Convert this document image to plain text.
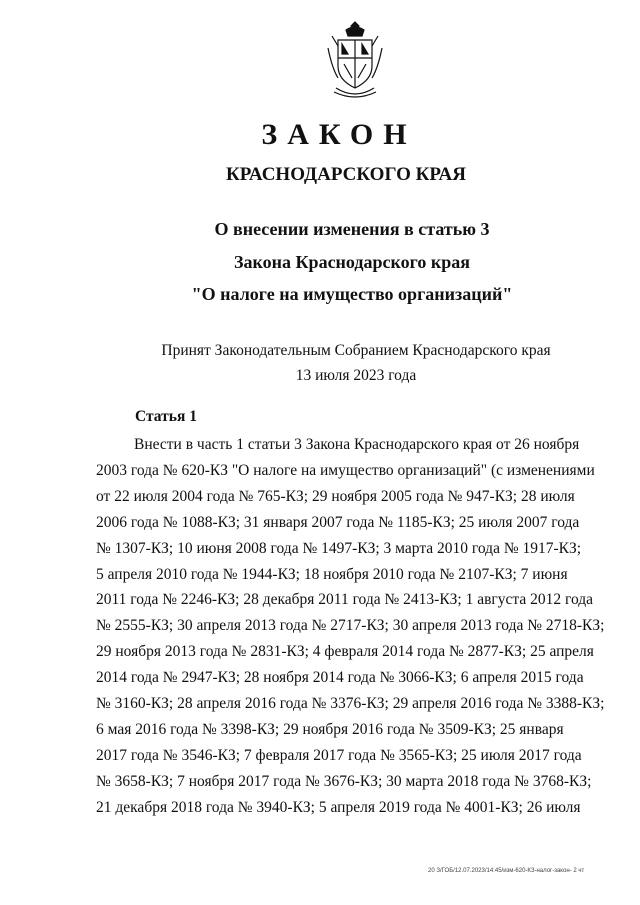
ЗАКОН
КРАСНОДАРСКОГО КРАЯ
О внесении изменения в статью 3
Закона Краснодарского края
"О налоге на имущество организаций"
Принят Законодательным Собранием Краснодарского края
13 июля 2023 года
Статья 1
Внести в часть 1 статьи 3 Закона Краснодарского края от 26 ноября
2003 года № 620-КЗ "О налоге на имущество организаций" (с изменениями
от 22 июля 2004 года № 765-КЗ; 29 ноября 2005 года № 947-КЗ; 28 июля
2006 года № 1088-КЗ; 31 января 2007 года № 1185-КЗ; 25 июля 2007 года
№ 1307-КЗ; 10 июня 2008 года № 1497-КЗ; 3 марта 2010 года № 1917-КЗ;
5 апреля 2010 года № 1944-КЗ; 18 ноября 2010 года № 2107-КЗ; 7 июня
2011 года № 2246-КЗ; 28 декабря 2011 года № 2413-КЗ; 1 августа 2012 года
№ 2555-КЗ; 30 апреля 2013 года № 2717-КЗ; 30 апреля 2013 года № 2718-КЗ;
29 ноября 2013 года № 2831-КЗ; 4 февраля 2014 года № 2877-КЗ; 25 апреля
2014 года № 2947-КЗ; 28 ноября 2014 года № 3066-КЗ; 6 апреля 2015 года
№ 3160-КЗ; 28 апреля 2016 года № 3376-КЗ; 29 апреля 2016 года № 3388-КЗ;
6 мая 2016 года № 3398-КЗ; 29 ноября 2016 года № 3509-КЗ; 25 января
2017 года № 3546-КЗ; 7 февраля 2017 года № 3565-КЗ; 25 июля 2017 года
№ 3658-КЗ; 7 ноября 2017 года № 3676-КЗ; 30 марта 2018 года № 3768-КЗ;
21 декабря 2018 года № 3940-КЗ; 5 апреля 2019 года № 4001-КЗ; 26 июля
20 З/ГОБ/12.07.2023/14:45/изм-620-КЗ-налог-закон- 2 чт
